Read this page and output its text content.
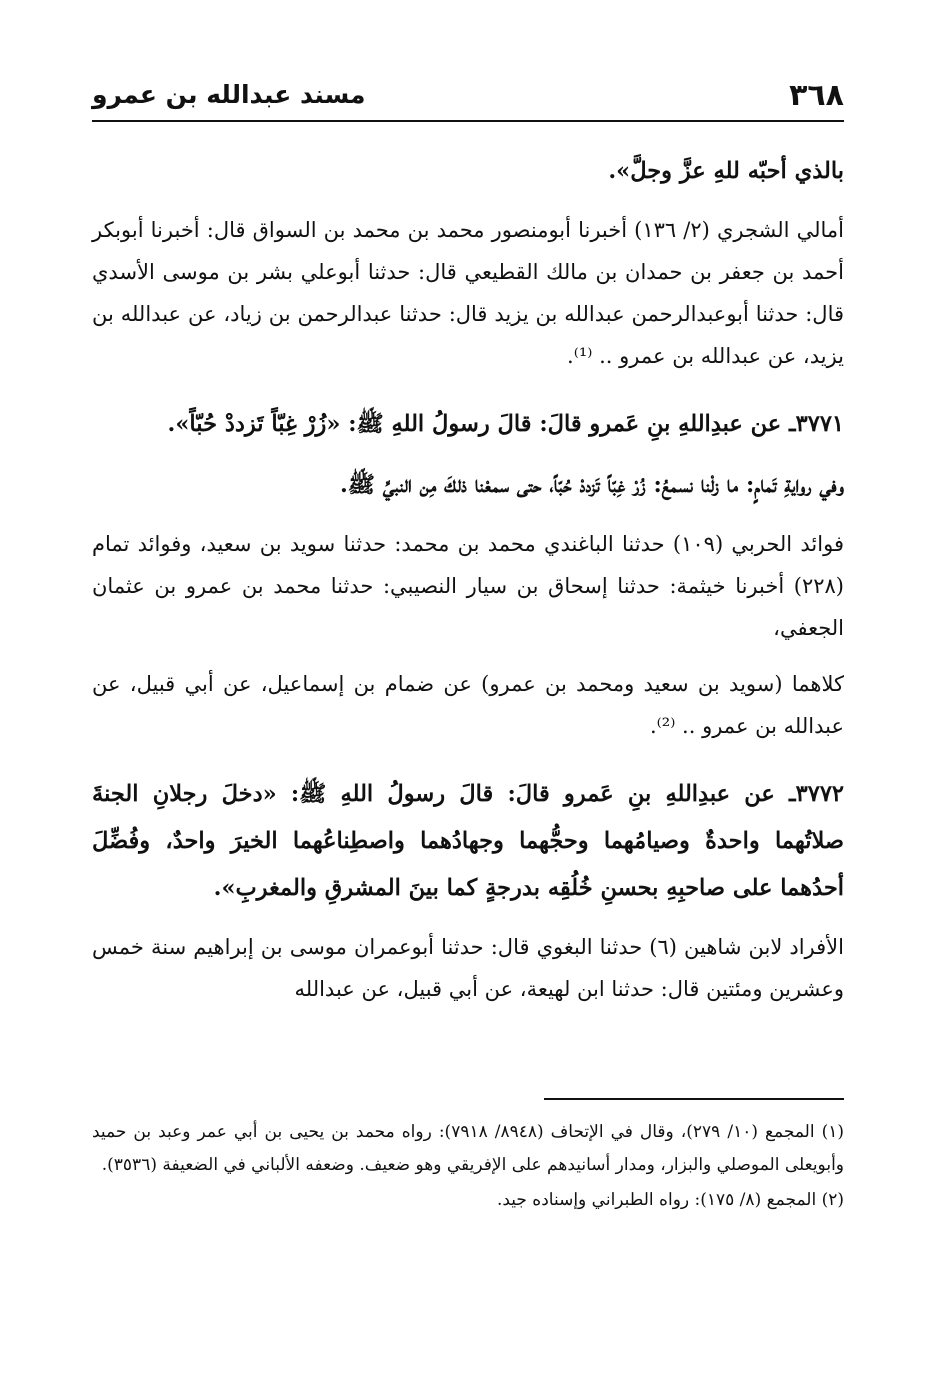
٣٦٨
مسند عبدالله بن عمرو

بالذي أحبّه للهِ عزَّ وجلَّ».

أمالي الشجري (٢/ ١٣٦) أخبرنا أبومنصور محمد بن محمد بن السواق قال: أخبرنا أبوبكر أحمد بن جعفر بن حمدان بن مالك القطيعي قال: حدثنا أبوعلي بشر بن موسى الأسدي قال: حدثنا أبوعبدالرحمن عبدالله بن يزيد قال: حدثنا عبدالرحمن بن زياد، عن عبدالله بن يزيد، عن عبدالله بن عمرو .. ⁽¹⁾.

٣٧٧١ـ عن عبدِاللهِ بنِ عَمرو قالَ: قالَ رسولُ اللهِ ﷺ: «زُرْ غِبّاً تَزددْ حُبّاً».

وفي روايةِ تَمامٍ: ما زلْنا نسمعُ: زُرْ غِبّاً تَزددْ حُبّاً، حتى سمعْنا ذلكَ مِن النبيِّ ﷺ.

فوائد الحربي (١٠٩) حدثنا الباغندي محمد بن محمد: حدثنا سويد بن سعيد، وفوائد تمام (٢٢٨) أخبرنا خيثمة: حدثنا إسحاق بن سيار النصيبي: حدثنا محمد بن عمرو بن عثمان الجعفي،

كلاهما (سويد بن سعيد ومحمد بن عمرو) عن ضمام بن إسماعيل، عن أبي قبيل، عن عبدالله بن عمرو .. ⁽²⁾.

٣٧٧٢ـ عن عبدِاللهِ بنِ عَمرو قالَ: قالَ رسولُ اللهِ ﷺ: «دخلَ رجلانِ الجنةَ صلاتُهما واحدةٌ وصيامُهما وحجُّهما وجهادُهما واصطِناعُهما الخيرَ واحدٌ، وفُضِّلَ أحدُهما على صاحبِهِ بحسنِ خُلُقِه بدرجةٍ كما بينَ المشرقِ والمغربِ».

الأفراد لابن شاهين (٦) حدثنا البغوي قال: حدثنا أبوعمران موسى بن إبراهيم سنة خمس وعشرين ومئتين قال: حدثنا ابن لهيعة، عن أبي قبيل، عن عبدالله

(١) المجمع (١٠/ ٢٧٩)، وقال في الإتحاف (٨٩٤٨/ ٧٩١٨): رواه محمد بن يحيى بن أبي عمر وعبد بن حميد وأبويعلى الموصلي والبزار، ومدار أسانيدهم على الإفريقي وهو ضعيف. وضعفه الألباني في الضعيفة (٣٥٣٦).

(٢) المجمع (٨/ ١٧٥): رواه الطبراني وإسناده جيد.
